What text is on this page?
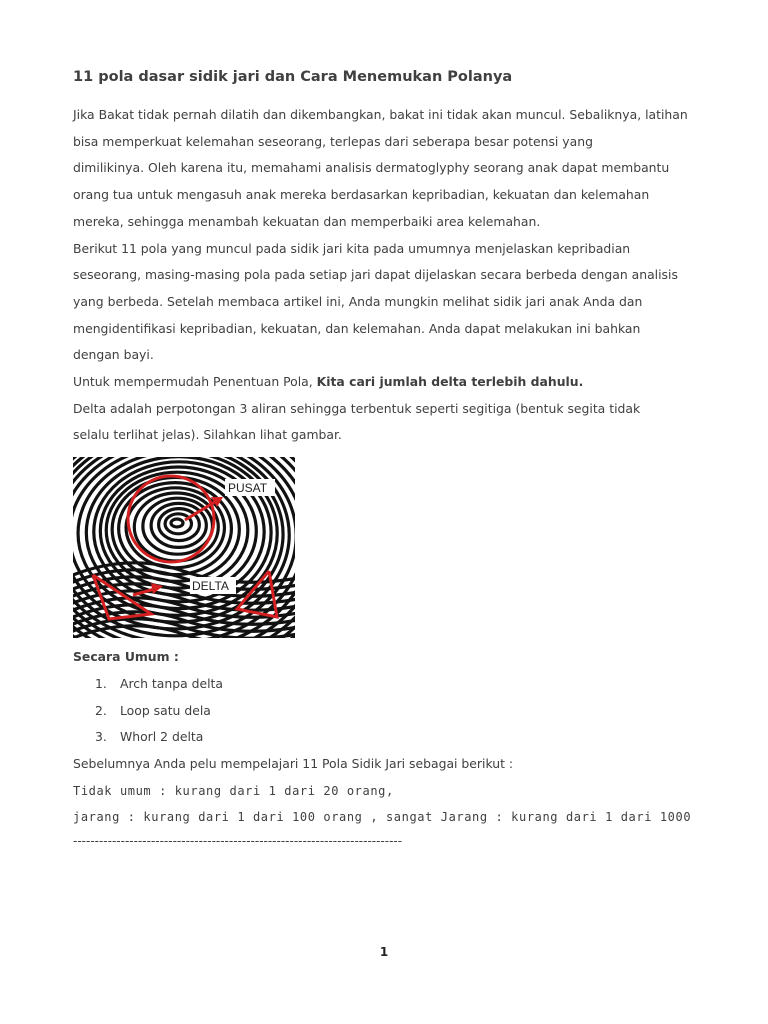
11 pola dasar sidik jari dan Cara Menemukan Polanya

Jika Bakat tidak pernah dilatih dan dikembangkan, bakat ini tidak akan muncul. Sebaliknya, latihan

bisa memperkuat kelemahan seseorang, terlepas dari seberapa besar potensi yang

dimilikinya. Oleh karena itu, memahami analisis dermatoglyphy seorang anak dapat membantu

orang tua untuk mengasuh anak mereka berdasarkan kepribadian, kekuatan dan kelemahan

mereka, sehingga menambah kekuatan dan memperbaiki area kelemahan.

Berikut 11 pola yang muncul pada sidik jari kita pada umumnya menjelaskan kepribadian

seseorang, masing-masing pola pada setiap jari dapat dijelaskan secara berbeda dengan analisis

yang berbeda. Setelah membaca artikel ini, Anda mungkin melihat sidik jari anak Anda dan

mengidentifikasi kepribadian, kekuatan, dan kelemahan. Anda dapat melakukan ini bahkan

dengan bayi.

Untuk mempermudah Penentuan Pola, Kita cari jumlah delta terlebih dahulu.

Delta adalah perpotongan 3 aliran sehingga terbentuk seperti segitiga (bentuk segita tidak

selalu terlihat jelas). Silahkan lihat gambar.

PUSAT
DELTA

Secara Umum :

1.	Arch tanpa delta
2.	Loop satu dela
3.	Whorl 2 delta

Sebelumnya Anda pelu mempelajari 11 Pola Sidik Jari sebagai berikut :

Tidak umum : kurang dari 1 dari 20 orang,

jarang : kurang dari 1 dari 100 orang , sangat Jarang : kurang dari 1 dari 1000

----------------------------------------------------------------------------

1
